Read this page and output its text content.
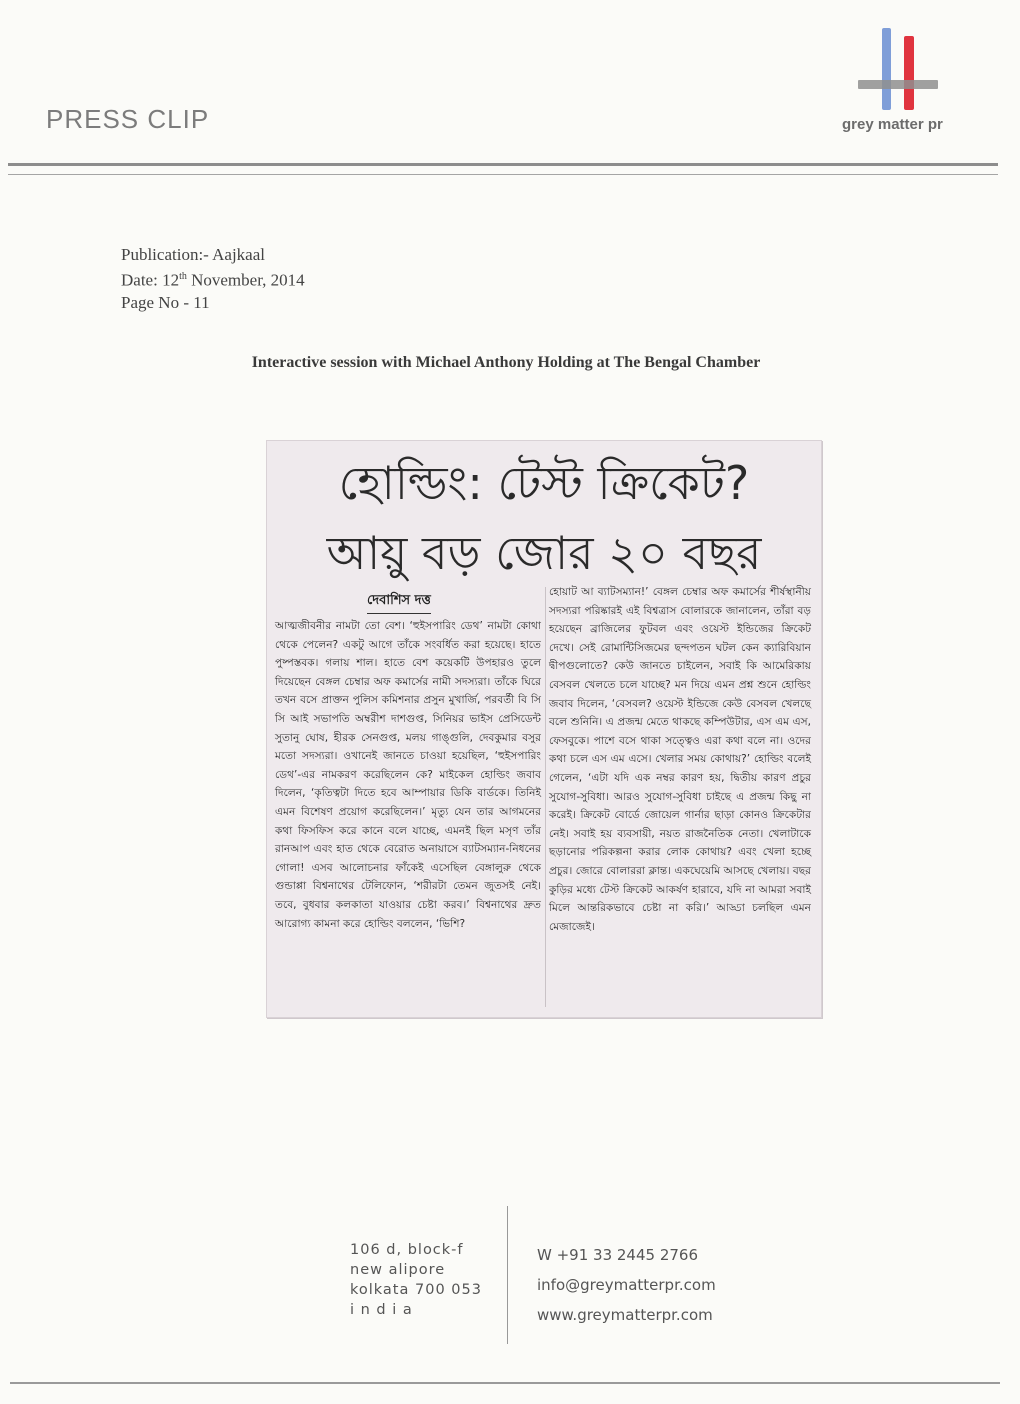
PRESS CLIP	grey matter pr
Publication:- Aajkaal
Date: 12th November, 2014
Page No - 11
Interactive session with Michael Anthony Holding at The Bengal Chamber
হোল্ডিং: টেস্ট ক্রিকেট?
আয়ু বড় জোর ২০ বছর
দেবাশিস দত্ত
আত্মজীবনীর নামটা তো বেশ। ‘হুইসপারিং ডেথ’ নামটা কোথা থেকে পেলেন? একটু আগে তাঁকে সংবর্ধিত করা হয়েছে। হাতে পুষ্পস্তবক। গলায় শাল। হাতে বেশ কয়েকটি উপহারও তুলে দিয়েছেন বেঙ্গল চেম্বার অফ কমার্সের নামী সদস্যরা। তাঁকে ঘিরে তখন বসে প্রাক্তন পুলিস কমিশনার প্রসুন মুখার্জি, পরবর্তী বি সি সি আই সভাপতি অম্বরীশ দাশগুপ্ত, সিনিয়র ভাইস প্রেসিডেন্ট সুতানু ঘোষ, হীরক সেনগুপ্ত, মলয় গাঙ্গুলি, দেবকুমার বসুর মতো সদস্যরা। ওখানেই জানতে চাওয়া হয়েছিল, ‘হুইসপারিং ডেথ’-এর নামকরণ করেছিলেন কে? মাইকেল হোল্ডিং জবাব দিলেন, ‘কৃতিত্বটা দিতে হবে আম্পায়ার ডিকি বার্ডকে। তিনিই এমন বিশেষণ প্রয়োগ করেছিলেন।’ মৃত্যু যেন তার আগমনের কথা ফিসফিস করে কানে বলে যাচ্ছে, এমনই ছিল মসৃণ তাঁর রানআপ এবং হাত থেকে বেরোত অনায়াসে ব্যাটসম্যান-নিধনের গোলা! এসব আলোচনার ফাঁকেই এসেছিল বেঙ্গালুরু থেকে গুন্ডাপ্পা বিশ্বনাথের টেলিফোন, ‘শরীরটা তেমন জুতসই নেই। তবে, বুধবার কলকাতা যাওয়ার চেষ্টা করব।’ বিশ্বনাথের দ্রুত আরোগ্য কামনা করে হোল্ডিং বললেন, ‘ভিশি?
হোয়াট আ ব্যাটসম্যান!’ বেঙ্গল চেম্বার অফ কমার্সের শীর্ষস্থানীয় সদস্যরা পরিষ্কারই এই বিশ্বত্রাস বোলারকে জানালেন, তাঁরা বড় হয়েছেন ব্রাজিলের ফুটবল এবং ওয়েস্ট ইন্ডিজের ক্রিকেট দেখে। সেই রোমান্টিসিজমের ছন্দপতন ঘটল কেন ক্যারিবিয়ান দ্বীপগুলোতে? কেউ জানতে চাইলেন, সবাই কি আমেরিকায় বেসবল খেলতে চলে যাচ্ছে? মন দিয়ে এমন প্রশ্ন শুনে হোল্ডিং জবাব দিলেন, ‘বেসবল? ওয়েস্ট ইন্ডিজে কেউ বেসবল খেলছে বলে শুনিনি। এ প্রজন্ম মেতে থাকছে কম্পিউটার, এস এম এস, ফেসবুকে। পাশে বসে থাকা সত্ত্বেও এরা কথা বলে না। ওদের কথা চলে এস এম এসে। খেলার সময় কোথায়?’ হোল্ডিং বলেই গেলেন, ‘এটা যদি এক নম্বর কারণ হয়, দ্বিতীয় কারণ প্রচুর সুযোগ-সুবিধা। আরও সুযোগ-সুবিধা চাইছে এ প্রজন্ম কিছু না করেই। ক্রিকেট বোর্ডে জোয়েল গার্নার ছাড়া কোনও ক্রিকেটার নেই। সবাই হয় ব্যবসায়ী, নয়ত রাজনৈতিক নেতা। খেলাটাকে ছড়ানোর পরিকল্পনা করার লোক কোথায়? এবং খেলা হচ্ছে প্রচুর। জোরে বোলাররা ক্লান্ত। একঘেয়েমি আসছে খেলায়। বছর কুড়ির মধ্যে টেস্ট ক্রিকেট আকর্ষণ হারাবে, যদি না আমরা সবাই মিলে আন্তরিকভাবে চেষ্টা না করি।’ আড্ডা চলছিল এমন মেজাজেই।
106 d, block-f
new alipore
kolkata 700 053
i n d i a
W +91 33 2445 2766
info@greymatterpr.com
www.greymatterpr.com
